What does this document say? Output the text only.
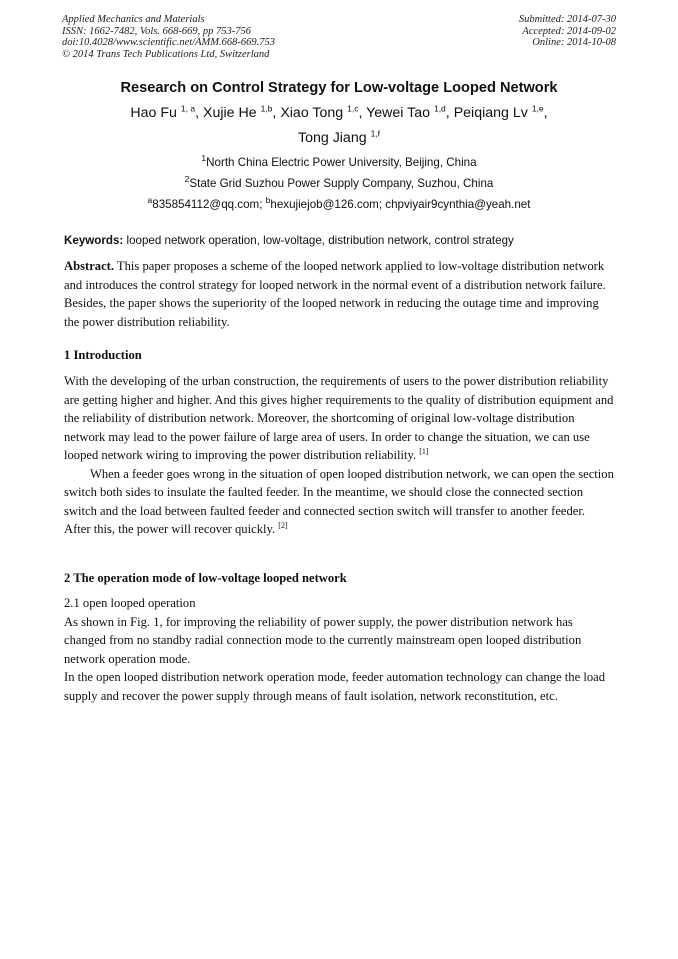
Applied Mechanics and Materials
ISSN: 1662-7482, Vols. 668-669, pp 753-756
doi:10.4028/www.scientific.net/AMM.668-669.753
© 2014 Trans Tech Publications Ltd, Switzerland
Submitted: 2014-07-30
Accepted: 2014-09-02
Online: 2014-10-08
Research on Control Strategy for Low-voltage Looped Network
Hao Fu $^{1, a}$, Xujie He $^{1,b}$, Xiao Tong $^{1,c}$, Yewei Tao $^{1,d}$, Peiqiang Lv $^{1,e}$,
Tong Jiang $^{1,f}$
$^1$North China Electric Power University, Beijing, China
$^2$State Grid Suzhou Power Supply Company, Suzhou, China
$^a$835854112@qq.com; $^b$hexujiejob@126.com; chpviyair9cynthia@yeah.net
Keywords: looped network operation, low-voltage, distribution network, control strategy

Abstract. This paper proposes a scheme of the looped network applied to low-voltage distribution network and introduces the control strategy for looped network in the normal event of a distribution network failure. Besides, the paper shows the superiority of the looped network in reducing the outage time and improving the power distribution reliability.

1 Introduction

With the developing of the urban construction, the requirements of users to the power distribution reliability are getting higher and higher. And this gives higher requirements to the quality of distribution equipment and the reliability of distribution network. Moreover, the shortcoming of original low-voltage distribution network may lead to the power failure of large area of users. In order to change the situation, we can use looped network wiring to improving the power distribution reliability. [1]

When a feeder goes wrong in the situation of open looped distribution network, we can open the section switch both sides to insulate the faulted feeder. In the meantime, we should close the connected section switch and the load between faulted feeder and connected section switch will transfer to another feeder. After this, the power will recover quickly. [2]

2 The operation mode of low-voltage looped network

2.1 open looped operation

As shown in Fig. 1, for improving the reliability of power supply, the power distribution network has changed from no standby radial connection mode to the currently mainstream open looped distribution network operation mode.

In the open looped distribution network operation mode, feeder automation technology can change the load supply and recover the power supply through means of fault isolation, network reconstitution, etc.
